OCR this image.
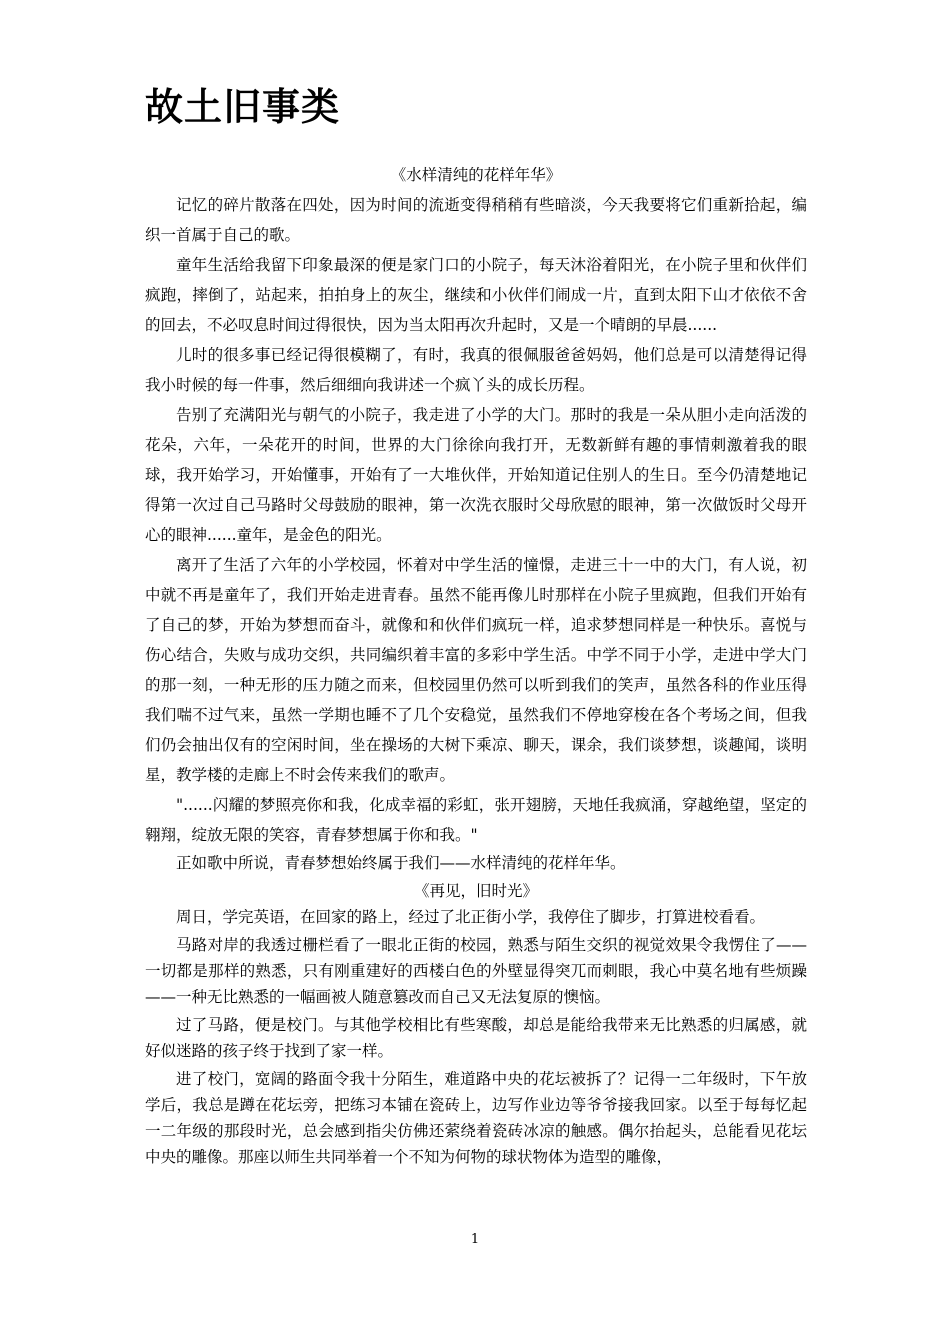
故土旧事类

《水样清纯的花样年华》

记忆的碎片散落在四处，因为时间的流逝变得稍稍有些暗淡，今天我要将它们重新拾起，编织一首属于自己的歌。

童年生活给我留下印象最深的便是家门口的小院子，每天沐浴着阳光，在小院子里和伙伴们疯跑，摔倒了，站起来，拍拍身上的灰尘，继续和小伙伴们闹成一片，直到太阳下山才依依不舍的回去，不必叹息时间过得很快，因为当太阳再次升起时，又是一个晴朗的早晨......

儿时的很多事已经记得很模糊了，有时，我真的很佩服爸爸妈妈，他们总是可以清楚得记得我小时候的每一件事，然后细细向我讲述一个疯丫头的成长历程。

告别了充满阳光与朝气的小院子，我走进了小学的大门。那时的我是一朵从胆小走向活泼的花朵，六年，一朵花开的时间，世界的大门徐徐向我打开，无数新鲜有趣的事情刺激着我的眼球，我开始学习，开始懂事，开始有了一大堆伙伴，开始知道记住别人的生日。至今仍清楚地记得第一次过自己马路时父母鼓励的眼神，第一次洗衣服时父母欣慰的眼神，第一次做饭时父母开心的眼神......童年，是金色的阳光。

离开了生活了六年的小学校园，怀着对中学生活的憧憬，走进三十一中的大门，有人说，初中就不再是童年了，我们开始走进青春。虽然不能再像儿时那样在小院子里疯跑，但我们开始有了自己的梦，开始为梦想而奋斗，就像和和伙伴们疯玩一样，追求梦想同样是一种快乐。喜悦与伤心结合，失败与成功交织，共同编织着丰富的多彩中学生活。中学不同于小学，走进中学大门的那一刻，一种无形的压力随之而来，但校园里仍然可以听到我们的笑声，虽然各科的作业压得我们喘不过气来，虽然一学期也睡不了几个安稳觉，虽然我们不停地穿梭在各个考场之间，但我们仍会抽出仅有的空闲时间，坐在操场的大树下乘凉、聊天，课余，我们谈梦想，谈趣闻，谈明星，教学楼的走廊上不时会传来我们的歌声。

"......闪耀的梦照亮你和我，化成幸福的彩虹，张开翅膀，天地任我疯涌，穿越绝望，坚定的翱翔，绽放无限的笑容，青春梦想属于你和我。"

正如歌中所说，青春梦想始终属于我们——水样清纯的花样年华。

《再见，旧时光》

周日，学完英语，在回家的路上，经过了北正街小学，我停住了脚步，打算进校看看。

马路对岸的我透过栅栏看了一眼北正街的校园，熟悉与陌生交织的视觉效果令我愣住了——一切都是那样的熟悉，只有刚重建好的西楼白色的外壁显得突兀而刺眼，我心中莫名地有些烦躁——一种无比熟悉的一幅画被人随意篡改而自己又无法复原的懊恼。

过了马路，便是校门。与其他学校相比有些寒酸，却总是能给我带来无比熟悉的归属感，就好似迷路的孩子终于找到了家一样。

进了校门，宽阔的路面令我十分陌生，难道路中央的花坛被拆了？记得一二年级时，下午放学后，我总是蹲在花坛旁，把练习本铺在瓷砖上，边写作业边等爷爷接我回家。以至于每每忆起一二年级的那段时光，总会感到指尖仿佛还萦绕着瓷砖冰凉的触感。偶尔抬起头，总能看见花坛中央的雕像。那座以师生共同举着一个不知为何物的球状物体为造型的雕像，

1
